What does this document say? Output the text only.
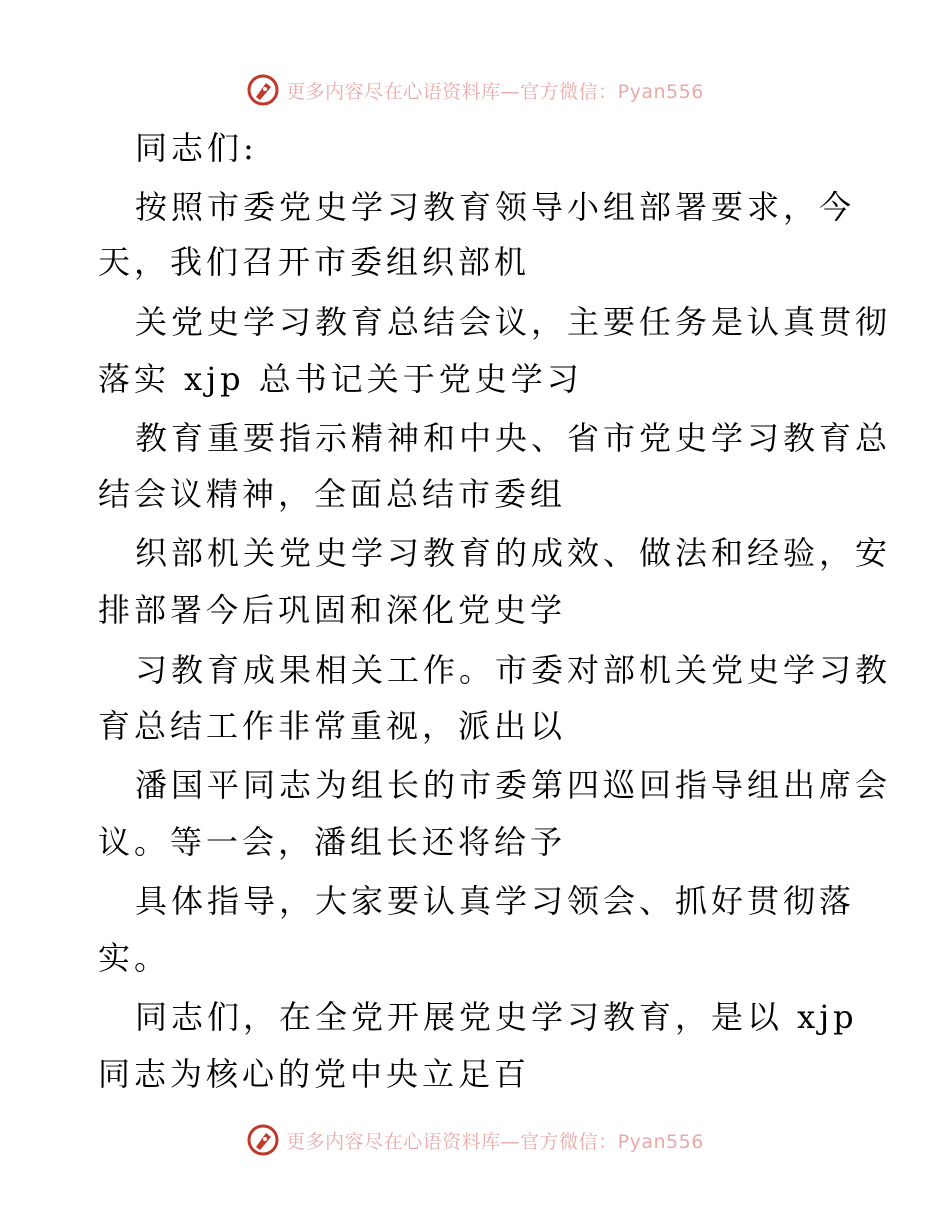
更多内容尽在心语资料库—官方微信：Pyan556
同志们:
按照市委党史学习教育领导小组部署要求，今
天，我们召开市委组织部机
关党史学习教育总结会议，主要任务是认真贯彻
落实 xjp 总书记关于党史学习
教育重要指示精神和中央、省市党史学习教育总
结会议精神，全面总结市委组
织部机关党史学习教育的成效、做法和经验，安
排部署今后巩固和深化党史学
习教育成果相关工作。市委对部机关党史学习教
育总结工作非常重视，派出以
潘国平同志为组长的市委第四巡回指导组出席会
议。等一会，潘组长还将给予
具体指导，大家要认真学习领会、抓好贯彻落
实。
同志们，在全党开展党史学习教育，是以 xjp
同志为核心的党中央立足百
更多内容尽在心语资料库—官方微信：Pyan556
